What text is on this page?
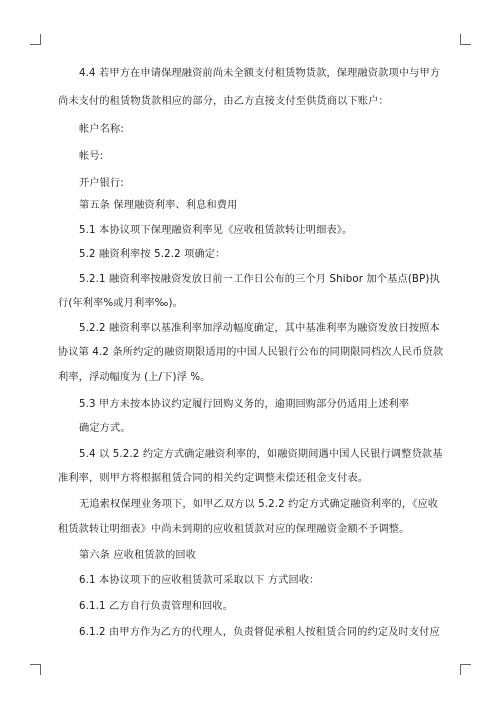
4.4 若甲方在申请保理融资前尚未全额支付租赁物货款，保理融资款项中与甲方
尚未支付的租赁物货款相应的部分，由乙方直接支付至供货商以下账户：
帐户名称:
帐号:
开户银行:
第五条 保理融资利率、利息和费用
5.1 本协议项下保理融资利率见《应收租赁款转让明细表》。
5.2 融资利率按 5.2.2 项确定：
5.2.1 融资利率按融资发放日前一工作日公布的三个月 Shibor 加个基点(BP)执
行(年利率%或月利率‰)。
5.2.2 融资利率以基准利率加浮动幅度确定，其中基准利率为融资发放日按照本
协议第 4.2 条所约定的融资期限适用的中国人民银行公布的同期限同档次人民币贷款
利率，浮动幅度为 (上/下)浮 %。
5.3 甲方未按本协议约定履行回购义务的，逾期回购部分仍适用上述利率
确定方式。
5.4 以 5.2.2 约定方式确定融资利率的，如融资期间遇中国人民银行调整贷款基
准利率，则甲方将根据租赁合同的相关约定调整未偿还租金支付表。
无追索权保理业务项下，如甲乙双方以 5.2.2 约定方式确定融资利率的，《应收
租赁款转让明细表》中尚未到期的应收租赁款对应的保理融资金额不予调整。
第六条 应收租赁款的回收
6.1 本协议项下的应收租赁款可采取以下 方式回收：
6.1.1 乙方自行负责管理和回收。
6.1.2 由甲方作为乙方的代理人，负责督促承租人按租赁合同的约定及时支付应
